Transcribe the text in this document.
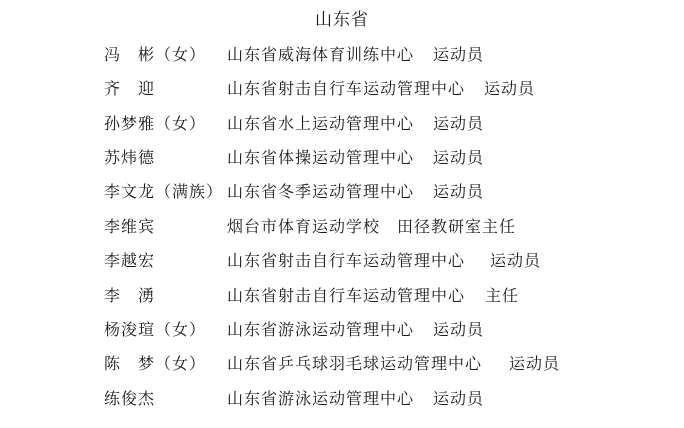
山东省
冯　彬（女） 山东省威海体育训练中心 运动员
齐　迎	山东省射击自行车运动管理中心 运动员
孙梦雅（女） 山东省水上运动管理中心 运动员
苏炜德	山东省体操运动管理中心 运动员
李文龙（满族） 山东省冬季运动管理中心 运动员
李维宾	烟台市体育运动学校 田径教研室主任
李越宏	山东省射击自行车运动管理中心 运动员
李　湧	山东省射击自行车运动管理中心 主任
杨浚瑄（女） 山东省游泳运动管理中心 运动员
陈　梦（女） 山东省乒乓球羽毛球运动管理中心 运动员
练俊杰	山东省游泳运动管理中心 运动员
